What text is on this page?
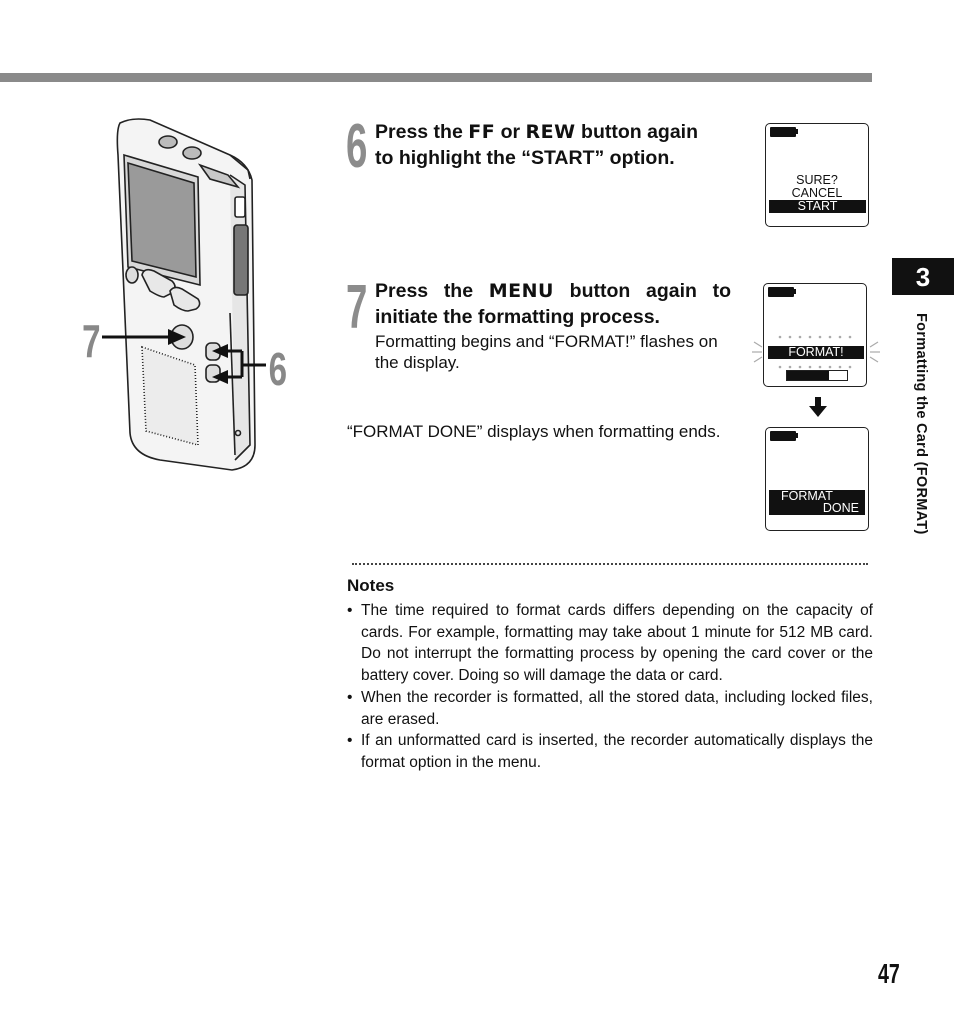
7
6
6 Press the FF or REW button again
to highlight the “START” option.
SURE?
CANCEL
START
7 Press the MENU button again to
initiate the formatting process.
Formatting begins and “FORMAT!” flashes on the display.
FORMAT!
“FORMAT DONE” displays when formatting ends.
FORMAT
DONE
Notes
• The time required to format cards differs depending on the capacity of cards. For example, formatting may take about 1 minute for 512 MB card. Do not interrupt the formatting process by opening the card cover or the battery cover. Doing so will damage the data or card.
• When the recorder is formatted, all the stored data, including locked files, are erased.
• If an unformatted card is inserted, the recorder automatically displays the format option in the menu.
3
Formatting the Card (FORMAT)
47
